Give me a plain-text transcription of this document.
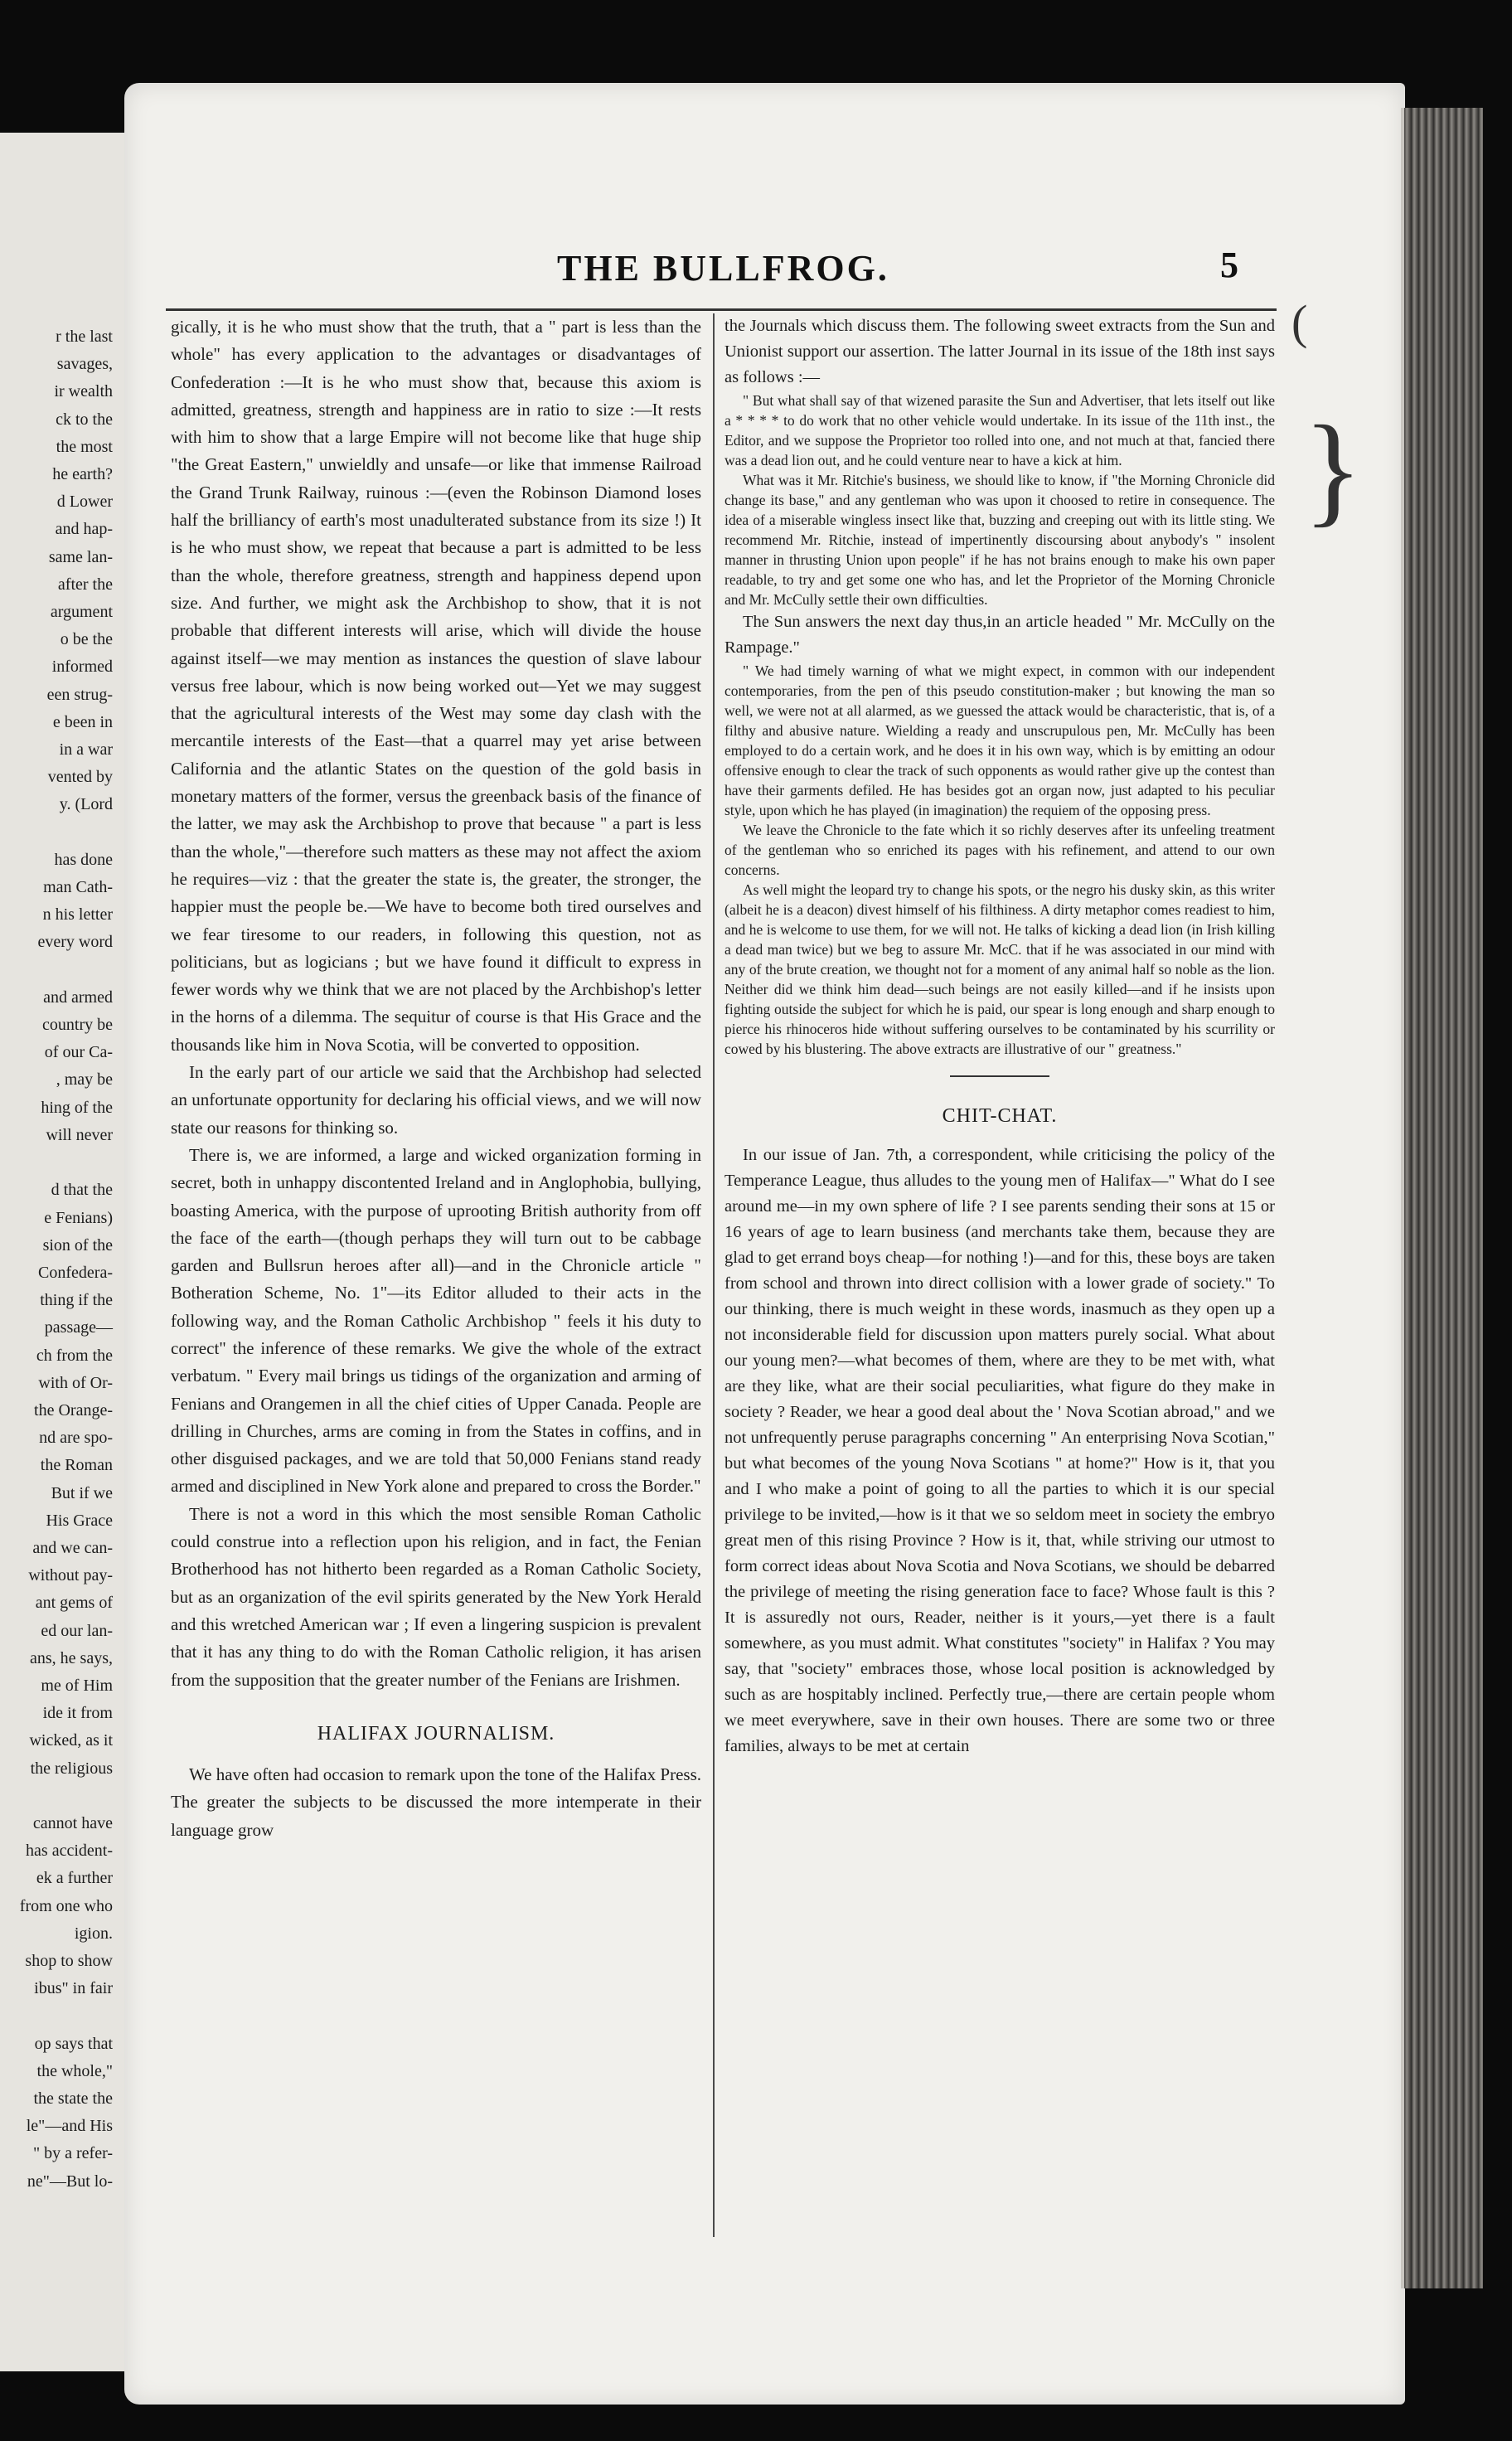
r the last
savages,
ir wealth
ck to the
the most
he earth?
d Lower
and hap-
same lan-
after the
argument
o be the
informed
een strug-
e been in
in a war
vented by
y. (Lord

has done
man Cath-
n his letter
every word

and armed
country be
of our Ca-
, may be
hing of the
will never

d that the
e Fenians)
sion of the
Confedera-
thing if the
passage—
ch from the
with of Or-
the Orange-
nd are spo-
the Roman
But if we
His Grace
and we can-
without pay-
ant gems of
ed our lan-
ans, he says,
me of Him
ide it from
wicked, as it
the religious

cannot have
has accident-
ek a further
from one who
igion.
shop to show
ibus" in fair

op says that
the whole,"
the state the
le"—and His
" by a refer-
ne"—But lo-
THE BULLFROG.	5

gically, it is he who must show that the truth, that a " part is less than the whole" has every application to the advantages or disadvantages of Confederation :—It is he who must show that, because this axiom is admitted, greatness, strength and happiness are in ratio to size :—It rests with him to show that a large Empire will not become like that huge ship "the Great Eastern," unwieldly and unsafe—or like that immense Railroad the Grand Trunk Railway, ruinous :—(even the Robinson Diamond loses half the brilliancy of earth's most unadulterated substance from its size !) It is he who must show, we repeat that because a part is admitted to be less than the whole, therefore greatness, strength and happiness depend upon size. And further, we might ask the Archbishop to show, that it is not probable that different interests will arise, which will divide the house against itself—we may mention as instances the question of slave labour versus free labour, which is now being worked out—Yet we may suggest that the agricultural interests of the West may some day clash with the mercantile interests of the East—that a quarrel may yet arise between California and the atlantic States on the question of the gold basis in monetary matters of the former, versus the greenback basis of the finance of the latter, we may ask the Archbishop to prove that because " a part is less than the whole,"—therefore such matters as these may not affect the axiom he requires—viz : that the greater the state is, the greater, the stronger, the happier must the people be.—We have to become both tired ourselves and we fear tiresome to our readers, in following this question, not as politicians, but as logicians ; but we have found it difficult to express in fewer words why we think that we are not placed by the Archbishop's letter in the horns of a dilemma. The sequitur of course is that His Grace and the thousands like him in Nova Scotia, will be converted to opposition.

In the early part of our article we said that the Archbishop had selected an unfortunate opportunity for declaring his official views, and we will now state our reasons for thinking so.

There is, we are informed, a large and wicked organization forming in secret, both in unhappy discontented Ireland and in Anglophobia, bullying, boasting America, with the purpose of uprooting British authority from off the face of the earth—(though perhaps they will turn out to be cabbage garden and Bullsrun heroes after all)—and in the Chronicle article " Botheration Scheme, No. 1"—its Editor alluded to their acts in the following way, and the Roman Catholic Archbishop " feels it his duty to correct" the inference of these remarks. We give the whole of the extract verbatum. " Every mail brings us tidings of the organization and arming of Fenians and Orangemen in all the chief cities of Upper Canada. People are drilling in Churches, arms are coming in from the States in coffins, and in other disguised packages, and we are told that 50,000 Fenians stand ready armed and disciplined in New York alone and prepared to cross the Border."

There is not a word in this which the most sensible Roman Catholic could construe into a reflection upon his religion, and in fact, the Fenian Brotherhood has not hitherto been regarded as a Roman Catholic Society, but as an organization of the evil spirits generated by the New York Herald and this wretched American war ; If even a lingering suspicion is prevalent that it has any thing to do with the Roman Catholic religion, it has arisen from the supposition that the greater number of the Fenians are Irishmen.

HALIFAX JOURNALISM.

We have often had occasion to remark upon the tone of the Halifax Press. The greater the subjects to be discussed the more intemperate in their language grow

the Journals which discuss them. The following sweet extracts from the Sun and Unionist support our assertion. The latter Journal in its issue of the 18th inst says as follows :—

" But what shall say of that wizened parasite the Sun and Advertiser, that lets itself out like a * * * * to do work that no other vehicle would undertake. In its issue of the 11th inst., the Editor, and we suppose the Proprietor too rolled into one, and not much at that, fancied there was a dead lion out, and he could venture near to have a kick at him.

What was it Mr. Ritchie's business, we should like to know, if "the Morning Chronicle did change its base," and any gentleman who was upon it choosed to retire in consequence. The idea of a miserable wingless insect like that, buzzing and creeping out with its little sting. We recommend Mr. Ritchie, instead of impertinently discoursing about anybody's " insolent manner in thrusting Union upon people" if he has not brains enough to make his own paper readable, to try and get some one who has, and let the Proprietor of the Morning Chronicle and Mr. McCully settle their own difficulties.

The Sun answers the next day thus,in an article headed " Mr. McCully on the Rampage."

" We had timely warning of what we might expect, in common with our independent contemporaries, from the pen of this pseudo constitution-maker ; but knowing the man so well, we were not at all alarmed, as we guessed the attack would be characteristic, that is, of a filthy and abusive nature. Wielding a ready and unscrupulous pen, Mr. McCully has been employed to do a certain work, and he does it in his own way, which is by emitting an odour offensive enough to clear the track of such opponents as would rather give up the contest than have their garments defiled. He has besides got an organ now, just adapted to his peculiar style, upon which he has played (in imagination) the requiem of the opposing press.

We leave the Chronicle to the fate which it so richly deserves after its unfeeling treatment of the gentleman who so enriched its pages with his refinement, and attend to our own concerns.

As well might the leopard try to change his spots, or the negro his dusky skin, as this writer (albeit he is a deacon) divest himself of his filthiness. A dirty metaphor comes readiest to him, and he is welcome to use them, for we will not. He talks of kicking a dead lion (in Irish killing a dead man twice) but we beg to assure Mr. McC. that if he was associated in our mind with any of the brute creation, we thought not for a moment of any animal half so noble as the lion. Neither did we think him dead—such beings are not easily killed—and if he insists upon fighting outside the subject for which he is paid, our spear is long enough and sharp enough to pierce his rhinoceros hide without suffering ourselves to be contaminated by his scurrility or cowed by his blustering. The above extracts are illustrative of our " greatness."

CHIT-CHAT.

In our issue of Jan. 7th, a correspondent, while criticising the policy of the Temperance League, thus alludes to the young men of Halifax—" What do I see around me—in my own sphere of life ? I see parents sending their sons at 15 or 16 years of age to learn business (and merchants take them, because they are glad to get errand boys cheap—for nothing !)—and for this, these boys are taken from school and thrown into direct collision with a lower grade of society." To our thinking, there is much weight in these words, inasmuch as they open up a not inconsiderable field for discussion upon matters purely social. What about our young men?—what becomes of them, where are they to be met with, what are they like, what are their social peculiarities, what figure do they make in society ? Reader, we hear a good deal about the ' Nova Scotian abroad," and we not unfrequently peruse paragraphs concerning " An enterprising Nova Scotian," but what becomes of the young Nova Scotians " at home?" How is it, that you and I who make a point of going to all the parties to which it is our special privilege to be invited,—how is it that we so seldom meet in society the embryo great men of this rising Province ? How is it, that, while striving our utmost to form correct ideas about Nova Scotia and Nova Scotians, we should be debarred the privilege of meeting the rising generation face to face? Whose fault is this ? It is assuredly not ours, Reader, neither is it yours,—yet there is a fault somewhere, as you must admit. What constitutes "society" in Halifax ? You may say, that "society" embraces those, whose local position is acknowledged by such as are hospitably inclined. Perfectly true,—there are certain people whom we meet everywhere, save in their own houses. There are some two or three families, always to be met at certain

(
}
